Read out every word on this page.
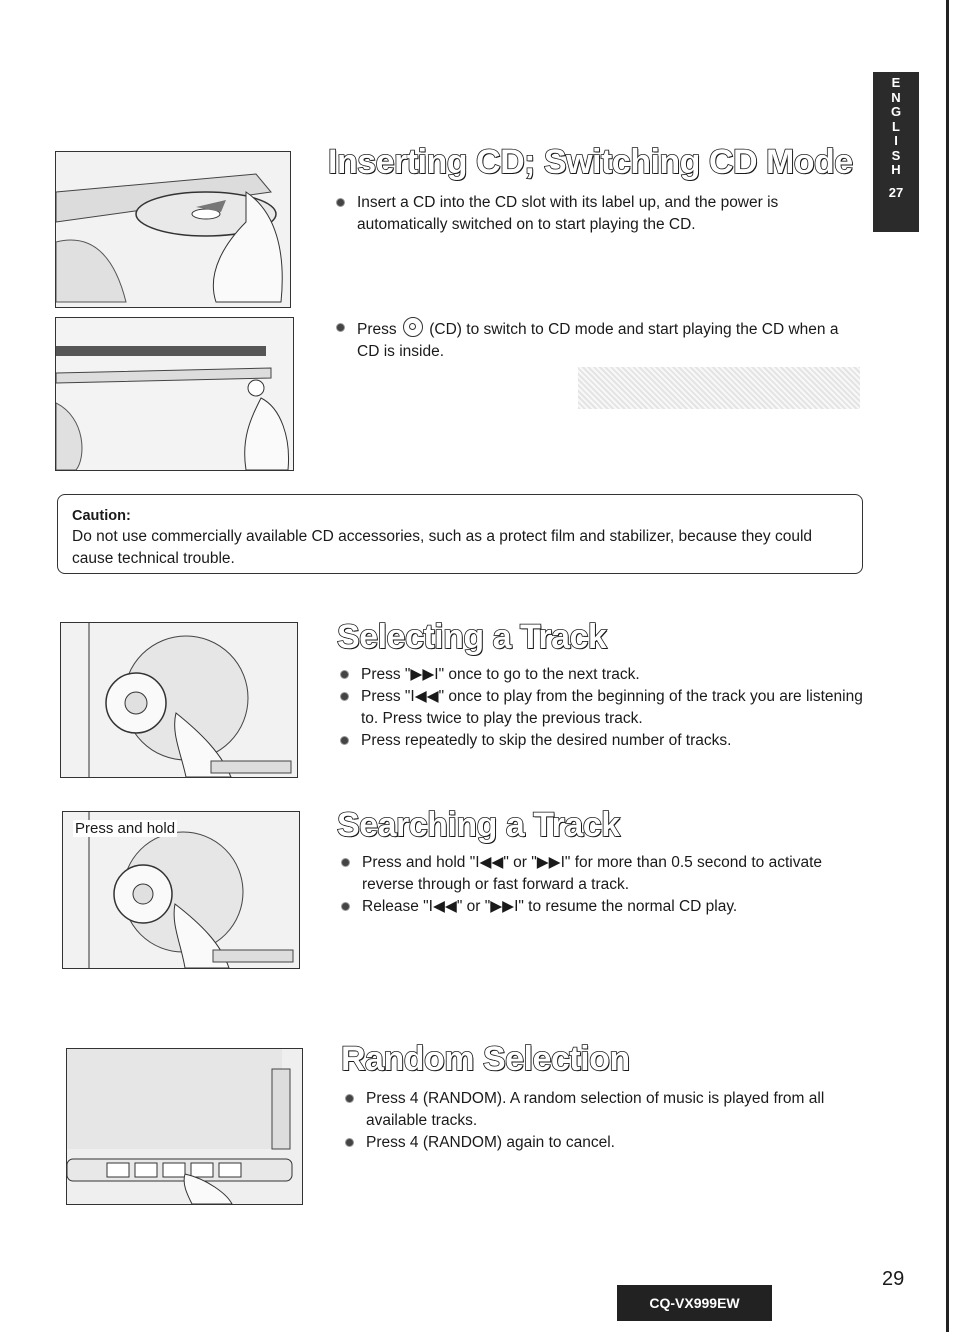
E
N
G
L
I
S
H
27
Inserting CD; Switching CD Mode
Insert a CD into the CD slot with its label up, and the power is automatically switched on to start playing the CD.
Press (CD) to switch to CD mode and start playing the CD when a CD is inside.
Caution:
Do not use commercially available CD accessories, such as a protect film and stabilizer, because they could cause technical trouble.
Selecting a Track
Press "▶▶I" once to go to the next track.
Press "I◀◀" once to play from the beginning of the track you are listening to. Press twice to play the previous track.
Press repeatedly to skip the desired number of tracks.
Press and hold	Searching a Track
Press and hold "I◀◀" or "▶▶I" for more than 0.5 second to activate reverse through or fast forward a track.
Release "I◀◀" or "▶▶I" to resume the normal CD play.
Random Selection
Press 4 (RANDOM). A random selection of music is played from all available tracks.
Press 4 (RANDOM) again to cancel.
29
CQ-VX999EW
